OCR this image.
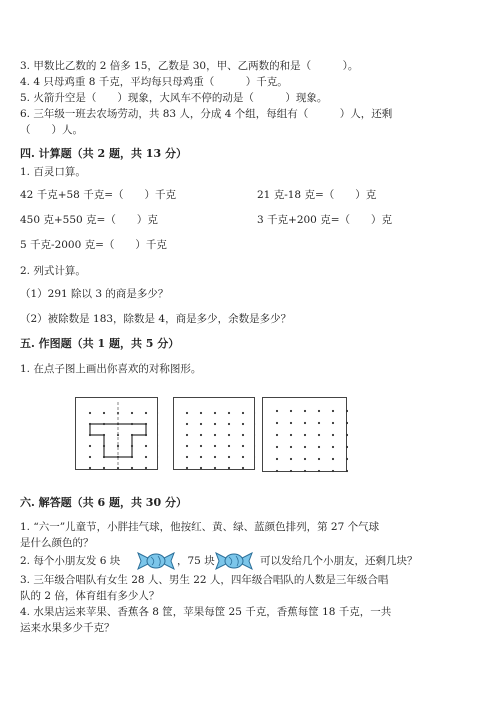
3. 甲数比乙数的 2 倍多 15，乙数是 30，甲、乙两数的和是（　　　）。
4. 4 只母鸡重 8 千克，平均每只母鸡重（　　　）千克。
5. 火箭升空是（　　）现象，大风车不停的动是（　　　）现象。
6. 三年级一班去农场劳动，共 83 人，分成 4 个组，每组有（　　　）人，还剩
（　　）人。
四. 计算题（共 2 题，共 13 分）
1. 百灵口算。
42 千克+58 千克=（　　）千克	21 克-18 克=（　　）克
450 克+550 克=（　　）克	3 千克+200 克=（　　）克
5 千克-2000 克=（　　）千克
2. 列式计算。
（1）291 除以 3 的商是多少？
（2）被除数是 183，除数是 4，商是多少，余数是多少？
五. 作图题（共 1 题，共 5 分）
1. 在点子图上画出你喜欢的对称图形。
六. 解答题（共 6 题，共 30 分）
1. “六一”儿童节，小胖挂气球，他按红、黄、绿、蓝颜色排列，第 27 个气球
是什么颜色的？
2. 每个小朋友发 6 块	，75 块	可以发给几个小朋友，还剩几块？
3. 三年级合唱队有女生 28 人、男生 22 人，四年级合唱队的人数是三年级合唱
队的 2 倍，体育组有多少人？
4. 水果店运来苹果、香蕉各 8 筐，苹果每筐 25 千克，香蕉每筐 18 千克，一共
运来水果多少千克？
